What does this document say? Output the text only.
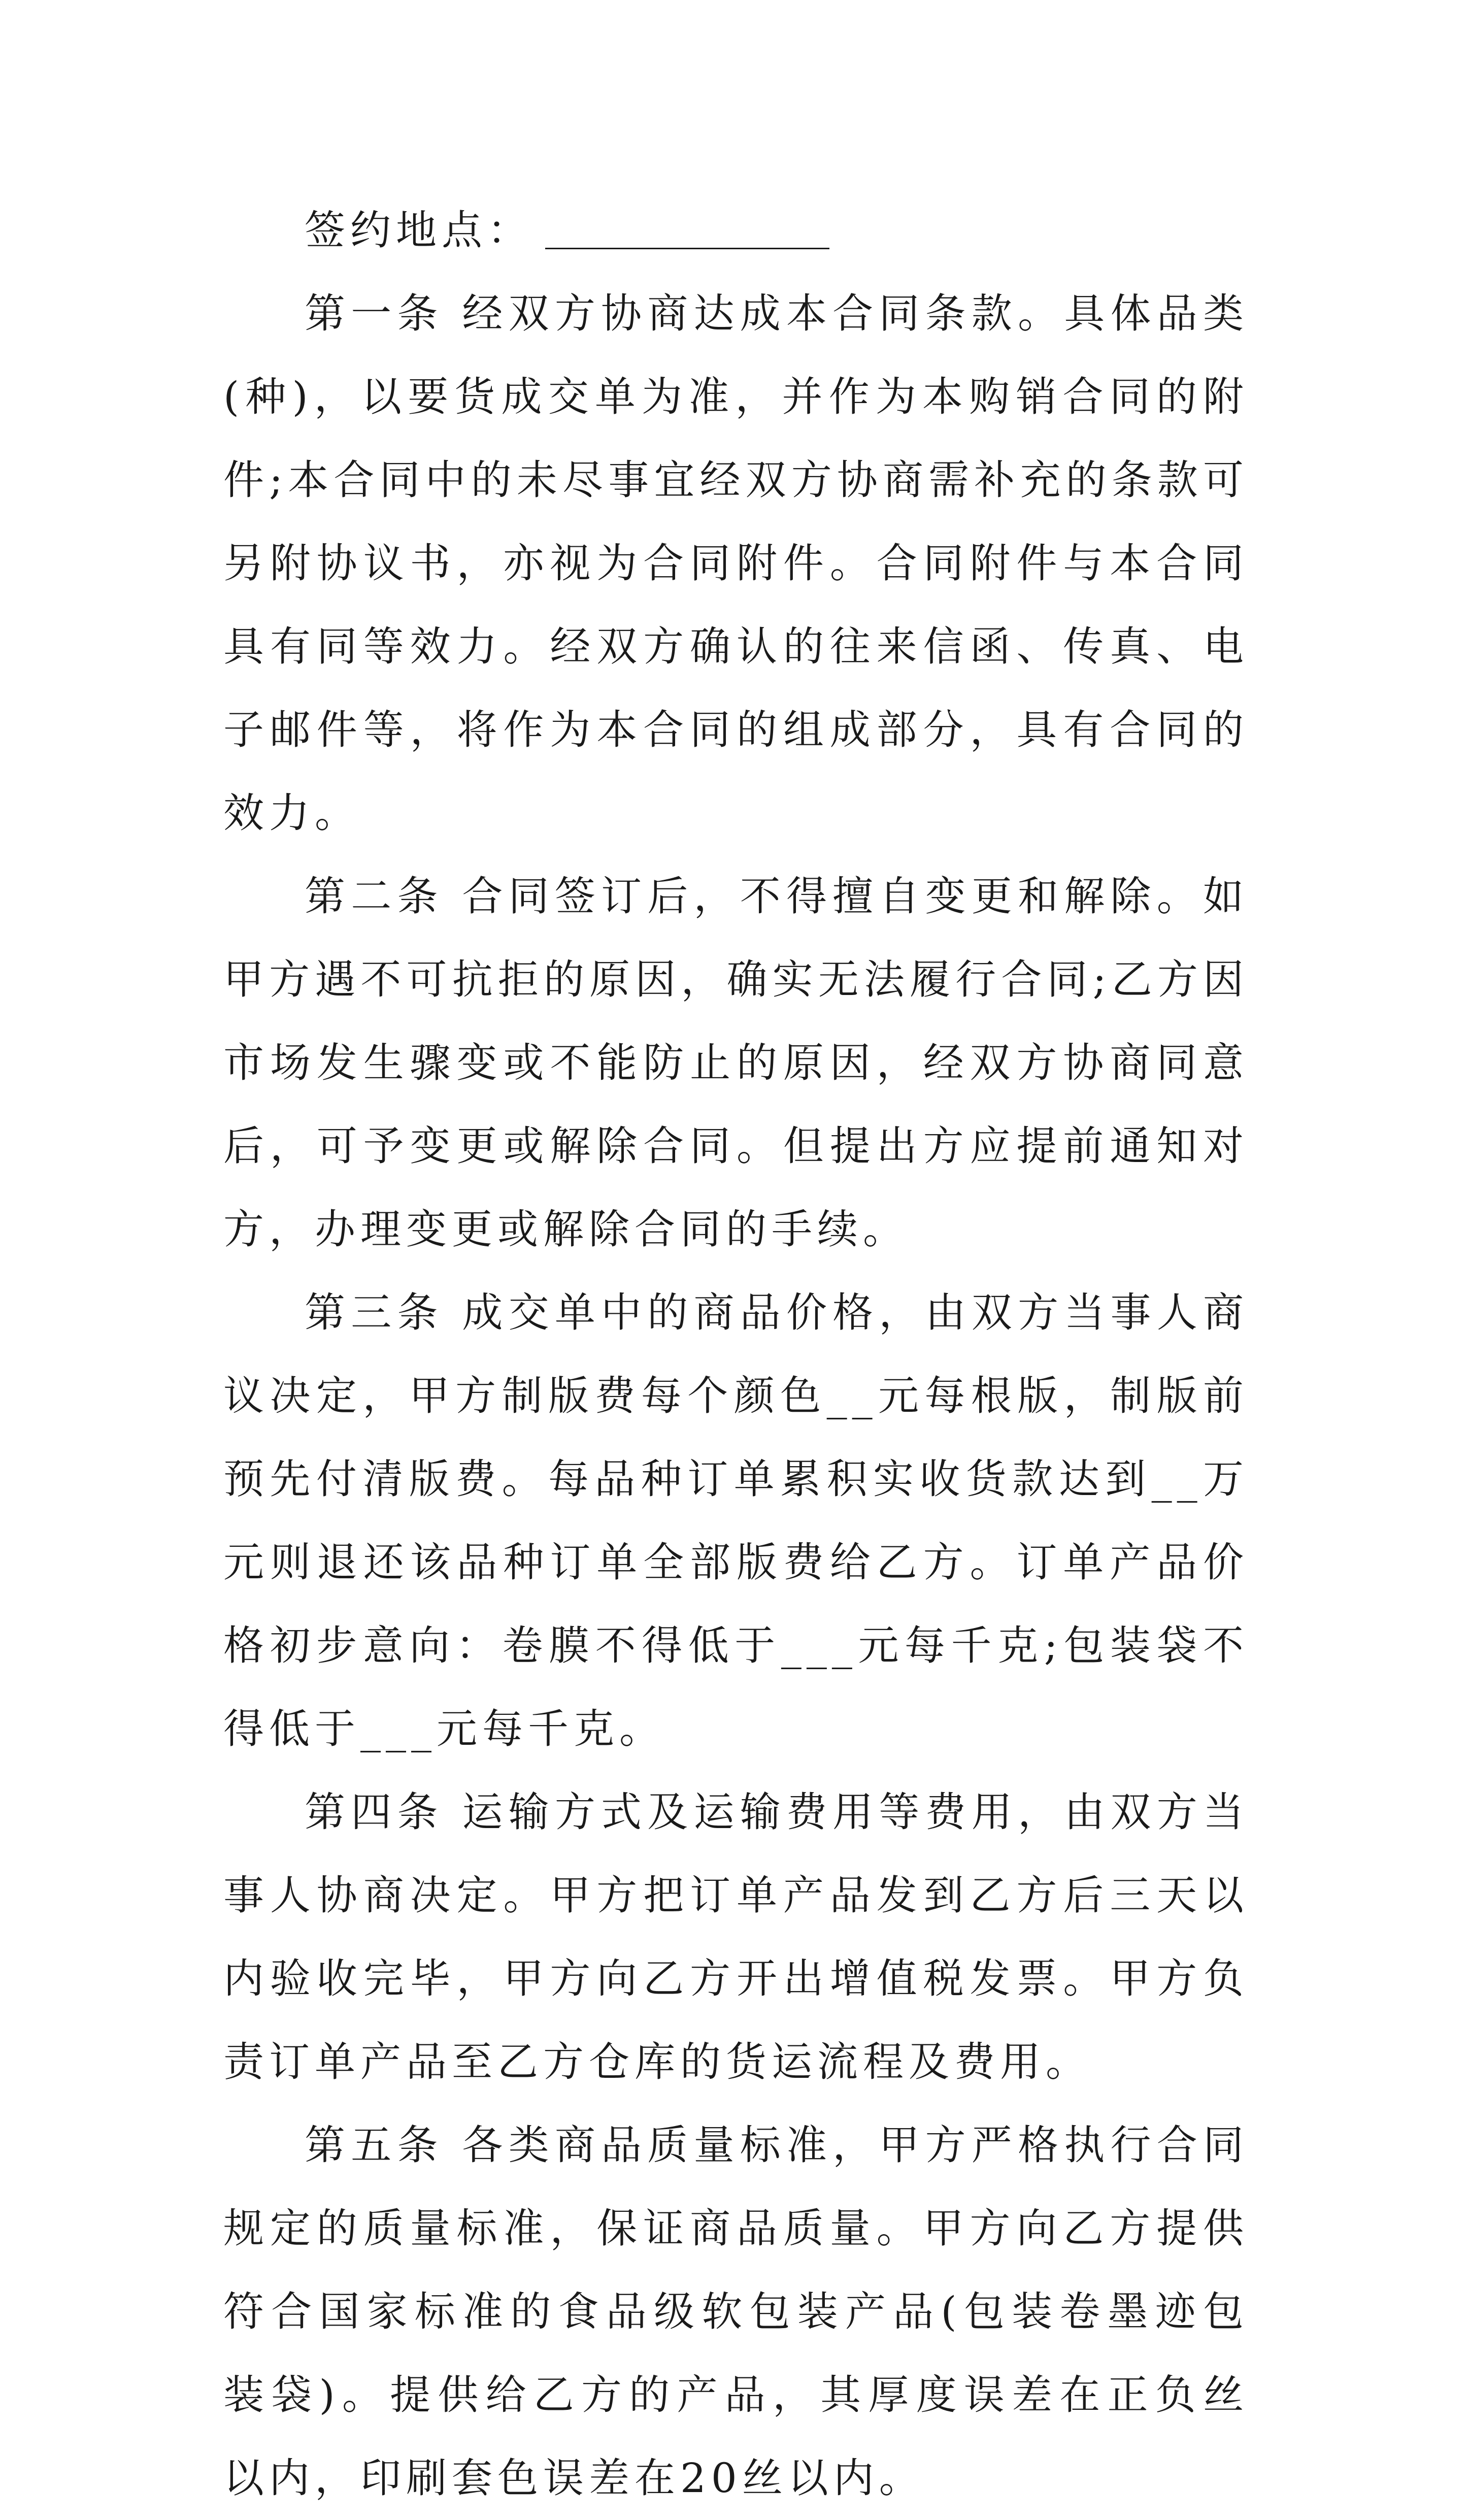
签约地点：

第一条 经双方协商达成本合同条款。具体品类(种)，以要货成交单为准，并作为本购销合同的附件;本合同中的未尽事宜经双方协商需补充的条款可另附协议书，亦视为合同附件。合同附件与本合同具有同等效力。经双方确认的往来信函、传真、电子邮件等，将作为本合同的组成部分，具有合同的效力。

第二条 合同签订后，不得擅自变更和解除。如甲方遇不可抗拒的原因，确实无法履行合同;乙方因市场发生骤变或不能防止的原因，经双方协商同意后，可予变更或解除合同。但提出方应提前通知对方，办理变更或解除合同的手续。

第三条 成交单中的商品价格，由双方当事人商议决定，甲方制版费每个颜色__元每根版，制版前预先付清版费。每品种订单累积实收货款达到__万元则退还该品种订单全部版费给乙方。订单产品价格初步意向：卷膜不得低于___元每千克;包装袋不得低于___元每千克。

第四条 运输方式及运输费用等费用，由双方当事人协商决定。甲方把订单产品发到乙方后三天以内验收完毕，甲方向乙方开出增值税发票。甲方负责订单产品至乙方仓库的货运流程及费用。

第五条 各类商品质量标准，甲方严格执行合同规定的质量标准，保证商品质量。甲方向乙方提供符合国家标准的食品级软包装产品(包装卷墨迹包装袋)。提供给乙方的产品，其厚度误差在正负丝以内，印刷套色误差在20丝以内。
